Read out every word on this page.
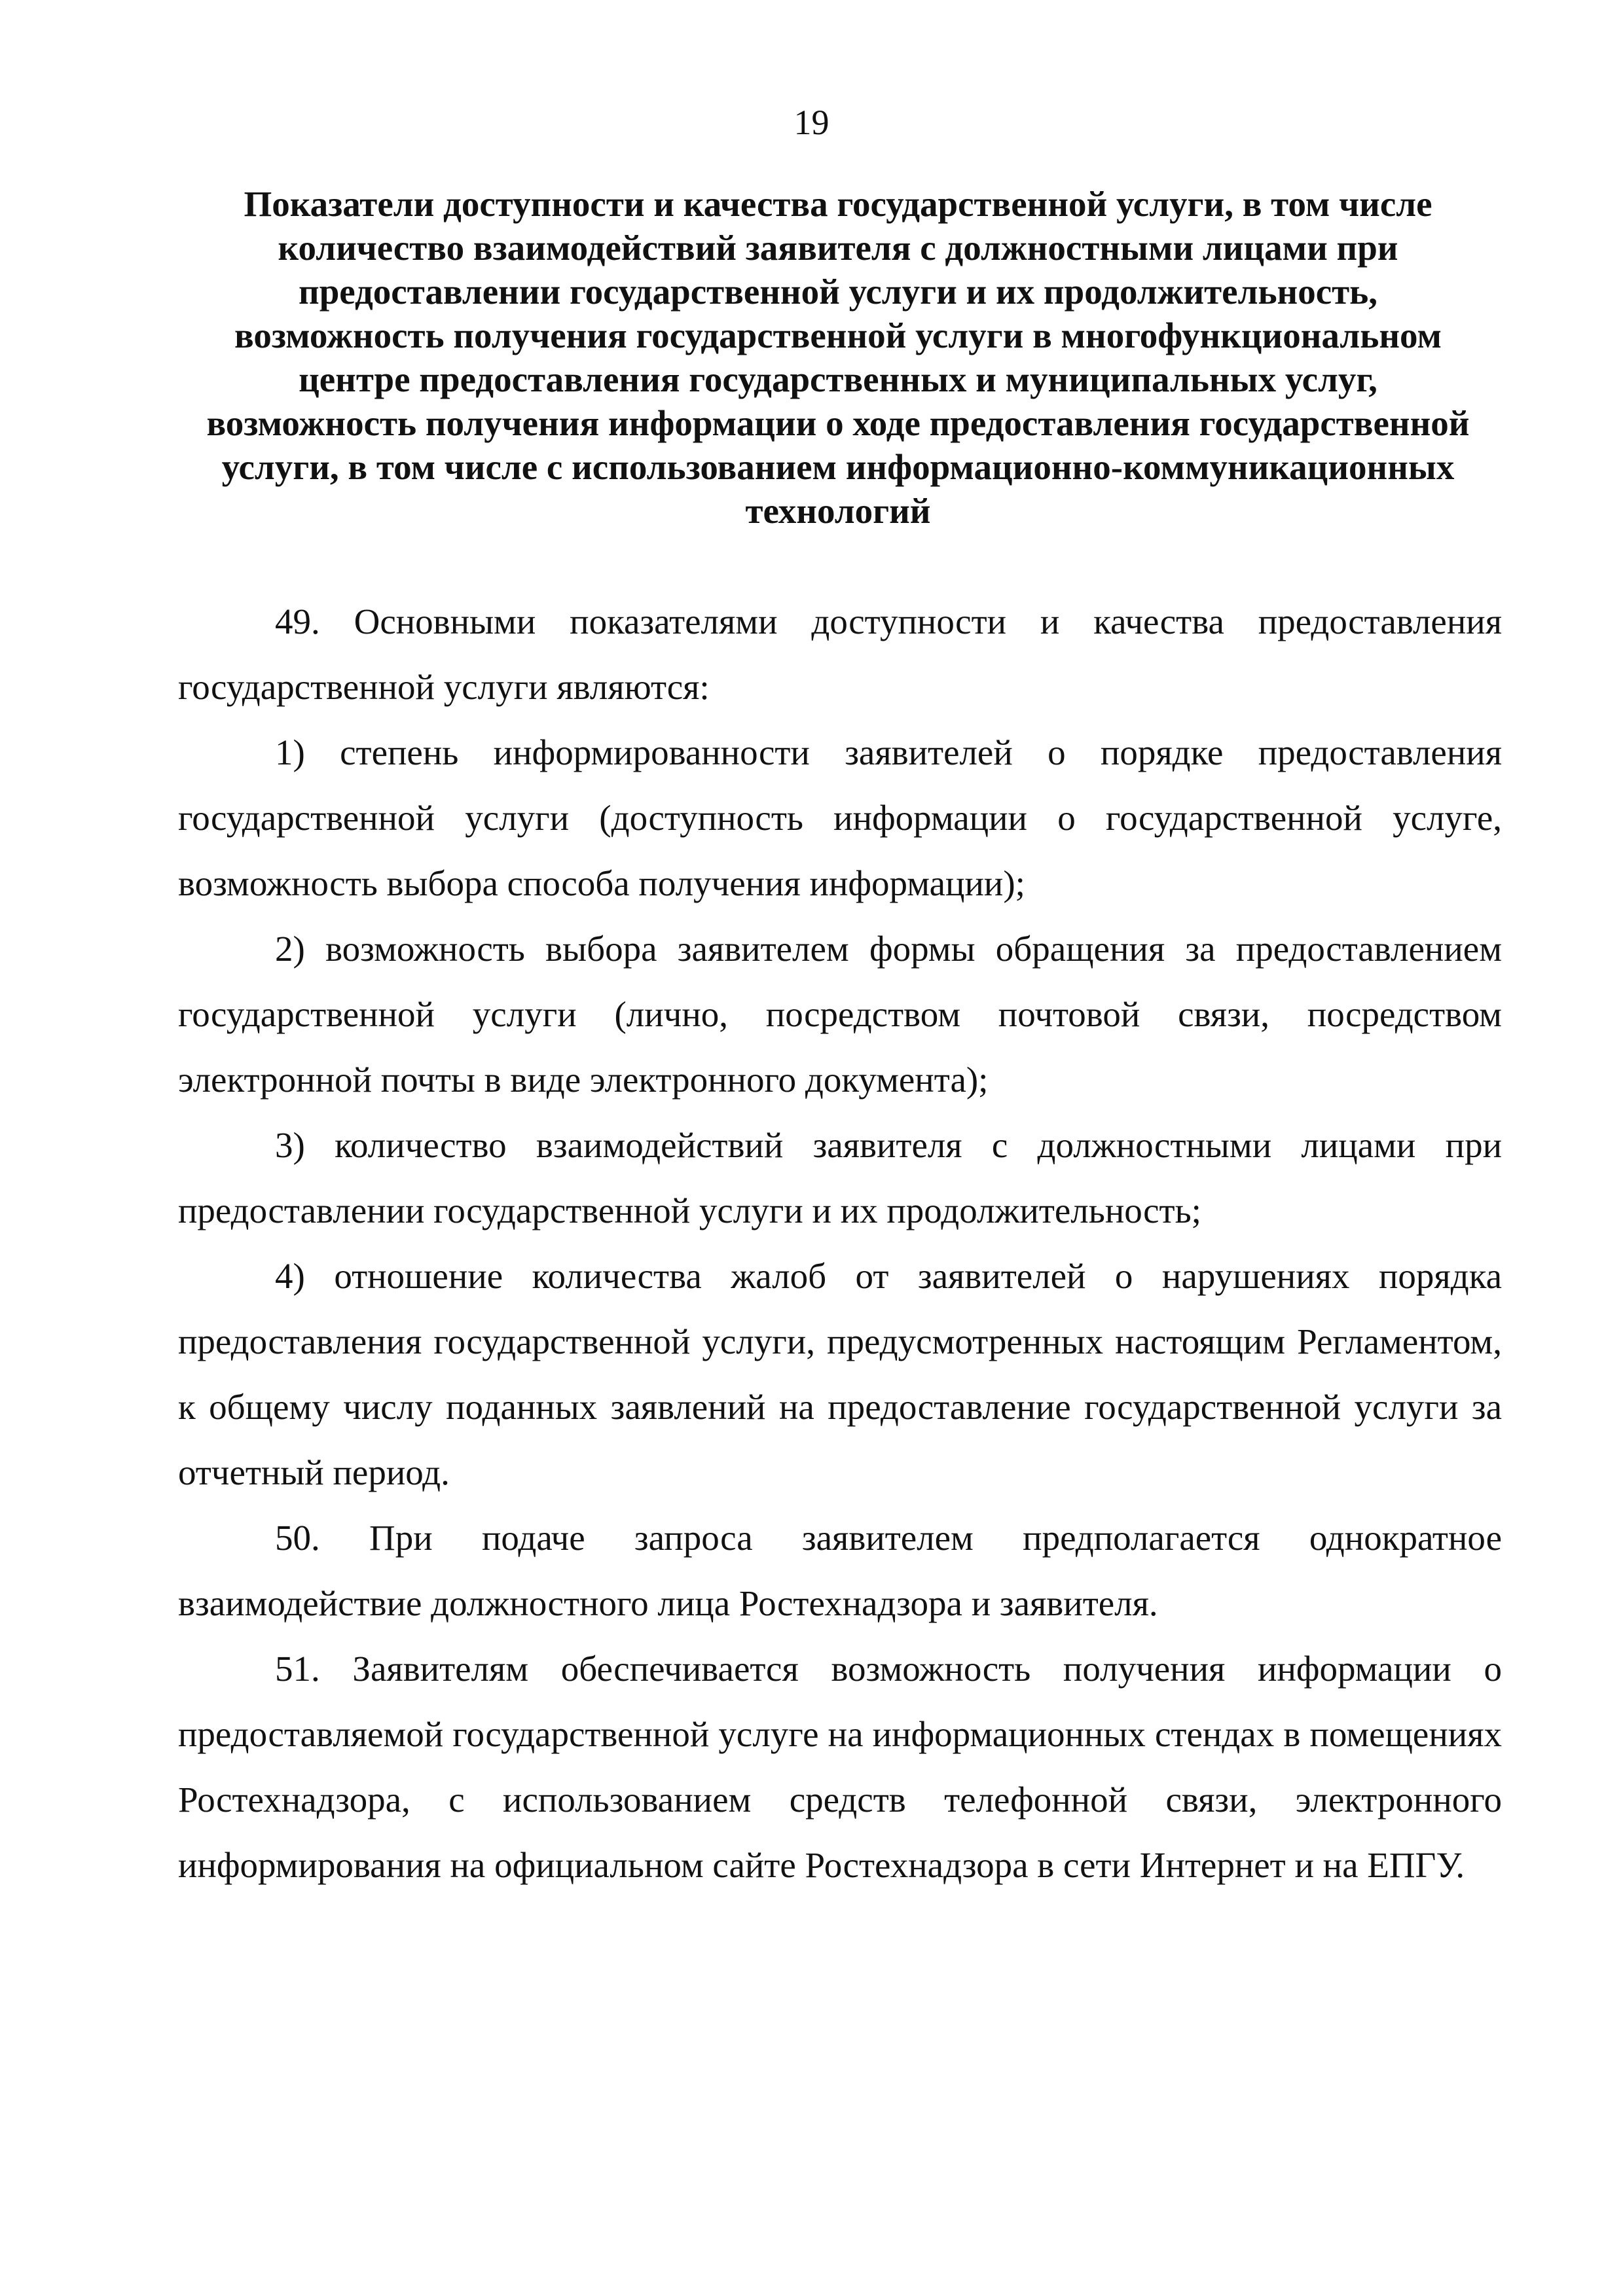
19
Показатели доступности и качества государственной услуги, в том числе количество взаимодействий заявителя с должностными лицами при предоставлении государственной услуги и их продолжительность, возможность получения государственной услуги в многофункциональном центре предоставления государственных и муниципальных услуг, возможность получения информации о ходе предоставления государственной услуги, в том числе с использованием информационно-коммуникационных технологий

49. Основными показателями доступности и качества предоставления государственной услуги являются:

1) степень информированности заявителей о порядке предоставления государственной услуги (доступность информации о государственной услуге, возможность выбора способа получения информации);

2) возможность выбора заявителем формы обращения за предоставлением государственной услуги (лично, посредством почтовой связи, посредством электронной почты в виде электронного документа);

3) количество взаимодействий заявителя с должностными лицами при предоставлении государственной услуги и их продолжительность;

4) отношение количества жалоб от заявителей о нарушениях порядка предоставления государственной услуги, предусмотренных настоящим Регламентом, к общему числу поданных заявлений на предоставление государственной услуги за отчетный период.

50. При подаче запроса заявителем предполагается однократное взаимодействие должностного лица Ростехнадзора и заявителя.

51. Заявителям обеспечивается возможность получения информации о предоставляемой государственной услуге на информационных стендах в помещениях Ростехнадзора, с использованием средств телефонной связи, электронного информирования на официальном сайте Ростехнадзора в сети Интернет и на ЕПГУ.
